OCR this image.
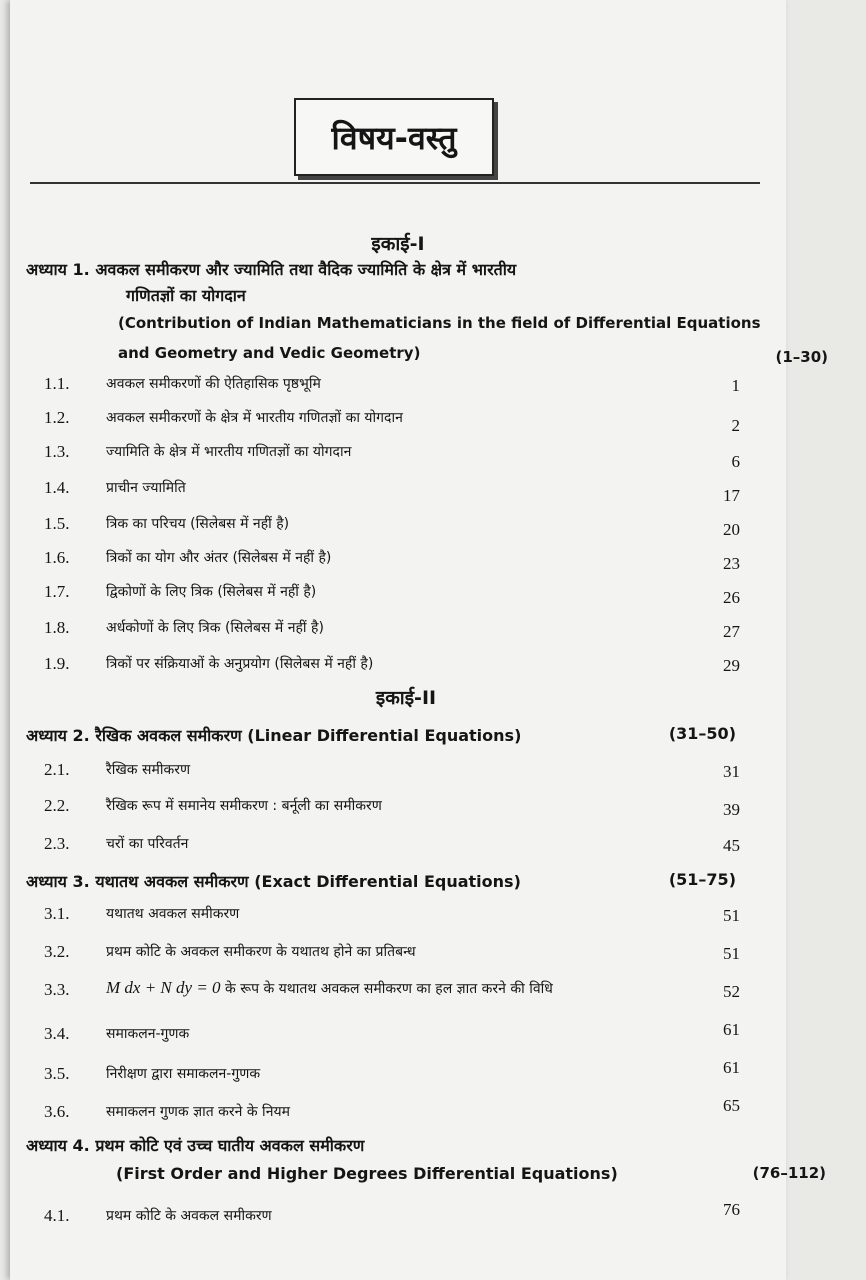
विषय-वस्तु
इकाई-I
अध्याय 1. अवकल समीकरण और ज्यामिति तथा वैदिक ज्यामिति के क्षेत्र में भारतीय
गणितज्ञों का योगदान
(Contribution of Indian Mathematicians in the field of Differential Equations
and Geometry and Vedic Geometry)	(1–30)
1.1.	अवकल समीकरणों की ऐतिहासिक पृष्ठभूमि	1
1.2.	अवकल समीकरणों के क्षेत्र में भारतीय गणितज्ञों का योगदान	2
1.3.	ज्यामिति के क्षेत्र में भारतीय गणितज्ञों का योगदान	6
1.4.	प्राचीन ज्यामिति	17
1.5.	त्रिक का परिचय (सिलेबस में नहीं है)	20
1.6.	त्रिकों का योग और अंतर (सिलेबस में नहीं है)	23
1.7.	द्विकोणों के लिए त्रिक (सिलेबस में नहीं है)	26
1.8.	अर्धकोणों के लिए त्रिक (सिलेबस में नहीं है)	27
1.9.	त्रिकों पर संक्रियाओं के अनुप्रयोग (सिलेबस में नहीं है)	29
इकाई-II
अध्याय 2. रैखिक अवकल समीकरण (Linear Differential Equations)	(31–50)
2.1.	रैखिक समीकरण	31
2.2.	रैखिक रूप में समानेय समीकरण : बर्नूली का समीकरण	39
2.3.	चरों का परिवर्तन	45
अध्याय 3. यथातथ अवकल समीकरण (Exact Differential Equations)	(51–75)
3.1.	यथातथ अवकल समीकरण	51
3.2.	प्रथम कोटि के अवकल समीकरण के यथातथ होने का प्रतिबन्ध	51
3.3. M dx + N dy = 0 के रूप के यथातथ अवकल समीकरण का हल ज्ञात करने की विधि	52
3.4.	समाकलन-गुणक	61
3.5.	निरीक्षण द्वारा समाकलन-गुणक	61
3.6.	समाकलन गुणक ज्ञात करने के नियम	65
अध्याय 4. प्रथम कोटि एवं उच्च घातीय अवकल समीकरण
(First Order and Higher Degrees Differential Equations)	(76–112)
4.1.	प्रथम कोटि के अवकल समीकरण	76
